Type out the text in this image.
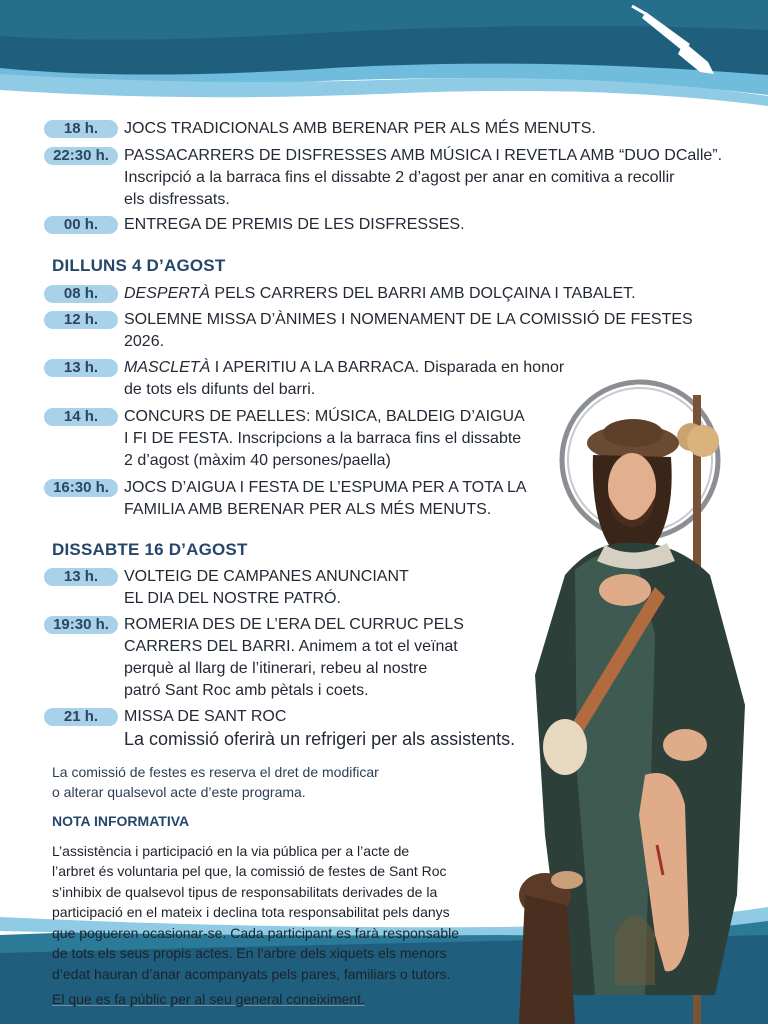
18 h.	JOCS TRADICIONALS AMB BERENAR PER ALS MÉS MENUTS.
22:30 h. PASSACARRERS DE DISFRESSES AMB MÚSICA I REVETLA AMB “DUO DCalle”.
Inscripció a la barraca fins el dissabte 2 d’agost per anar en comitiva a recollir
els disfressats.
00 h.	ENTREGA DE PREMIS DE LES DISFRESSES.
DILLUNS 4 D’AGOST
08 h.	DESPERTÀ PELS CARRERS DEL BARRI AMB DOLÇAINA I TABALET.
12 h.	SOLEMNE MISSA D’ÀNIMES I NOMENAMENT DE LA COMISSIÓ DE FESTES
2026.
13 h.	MASCLETÀ I APERITIU A LA BARRACA. Disparada en honor
de tots els difunts del barri.
14 h.	CONCURS DE PAELLES: MÚSICA, BALDEIG D’AIGUA
I FI DE FESTA. Inscripcions a la barraca fins el dissabte
2 d’agost (màxim 40 persones/paella)
16:30 h. JOCS D’AIGUA I FESTA DE L’ESPUMA PER A TOTA LA
FAMILIA AMB BERENAR PER ALS MÉS MENUTS.
DISSABTE 16 D’AGOST
13 h.	VOLTEIG DE CAMPANES ANUNCIANT
EL DIA DEL NOSTRE PATRÓ.
19:30 h. ROMERIA DES DE L’ERA DEL CURRUC PELS
CARRERS DEL BARRI. Animem a tot el veïnat
perquè al llarg de l’itinerari, rebeu al nostre
patró Sant Roc amb pètals i coets.
21 h.	MISSA DE SANT ROC
La comissió oferirà un refrigeri per als assistents.
La comissió de festes es reserva el dret de modificar
o alterar qualsevol acte d’este programa.
NOTA INFORMATIVA
L’assistència i participació en la via pública per a l’acte de
l’arbret és voluntaria pel que, la comissió de festes de Sant Roc
s’inhibix de qualsevol tipus de responsabilitats derivades de la
participació en el mateix i declina tota responsabilitat pels danys
que pogueren ocasionar-se. Cada participant es farà responsable
de tots els seus propis actes. En l’arbre dels xiquets els menors
d’edat hauran d’anar acompanyats pels pares, familiars o tutors.
El que es fa públic per al seu general coneiximent.
